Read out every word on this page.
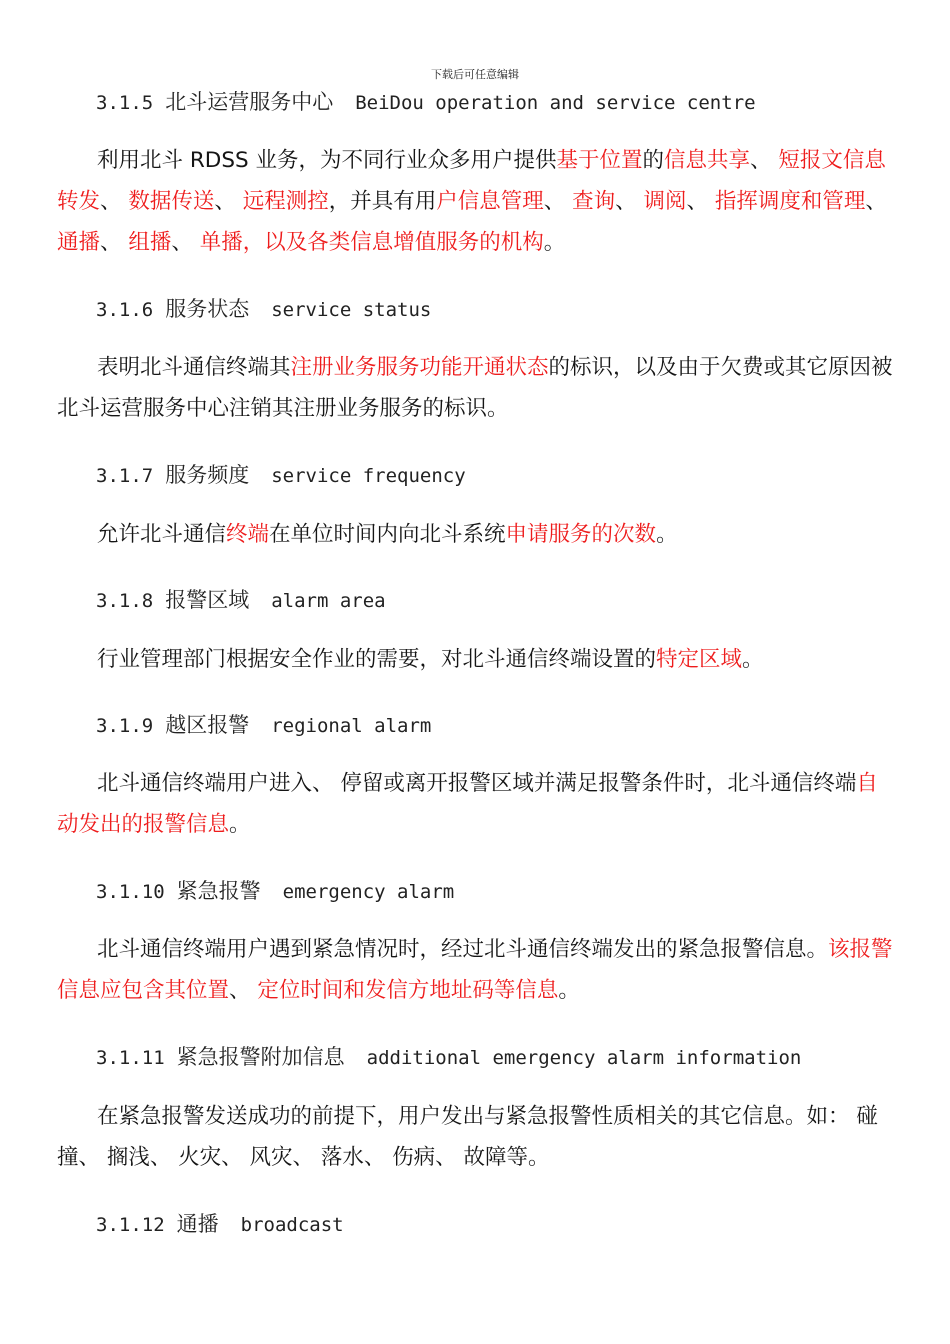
下载后可任意编辑
3.1.5 北斗运营服务中心 BeiDou operation and service centre
利用北斗 RDSS 业务，为不同行业众多用户提供基于位置的信息共享、 短报文信息转发、 数据传送、 远程测控，并具有用户信息管理、 查询、 调阅、 指挥调度和管理、 通播、 组播、 单播，以及各类信息增值服务的机构。
3.1.6 服务状态 service status
表明北斗通信终端其注册业务服务功能开通状态的标识，以及由于欠费或其它原因被北斗运营服务中心注销其注册业务服务的标识。
3.1.7 服务频度 service frequency
允许北斗通信终端在单位时间内向北斗系统申请服务的次数。
3.1.8 报警区域 alarm area
行业管理部门根据安全作业的需要，对北斗通信终端设置的特定区域。
3.1.9 越区报警 regional alarm
北斗通信终端用户进入、 停留或离开报警区域并满足报警条件时，北斗通信终端自动发出的报警信息。
3.1.10 紧急报警 emergency alarm
北斗通信终端用户遇到紧急情况时，经过北斗通信终端发出的紧急报警信息。该报警信息应包含其位置、 定位时间和发信方地址码等信息。
3.1.11 紧急报警附加信息 additional emergency alarm information
在紧急报警发送成功的前提下，用户发出与紧急报警性质相关的其它信息。如： 碰撞、 搁浅、 火灾、 风灾、 落水、 伤病、 故障等。
3.1.12 通播 broadcast
